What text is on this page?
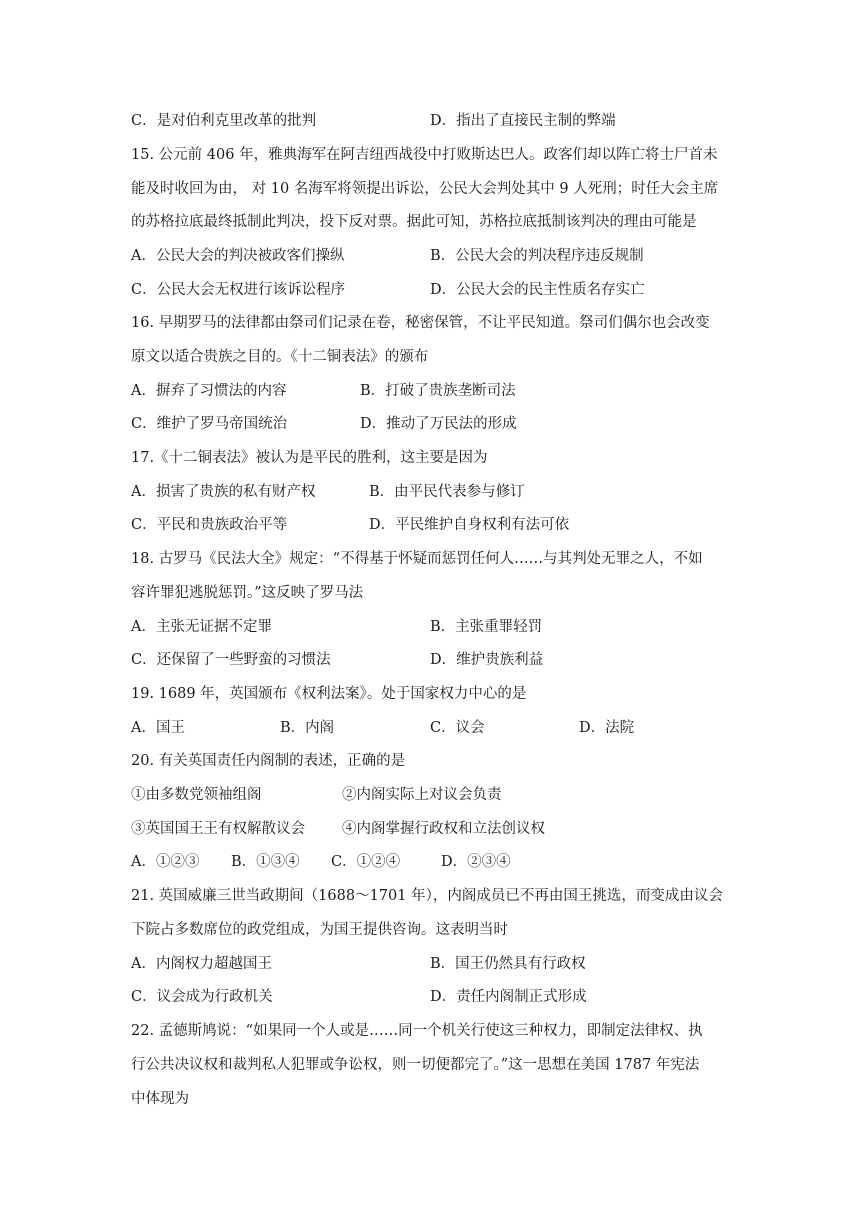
C．是对伯利克里改革的批判	D．指出了直接民主制的弊端
15. 公元前 406 年，雅典海军在阿吉纽西战役中打败斯达巴人。政客们却以阵亡将士尸首未
能及时收回为由， 对 10 名海军将领提出诉讼，公民大会判处其中 9 人死刑；时任大会主席
的苏格拉底最终抵制此判决，投下反对票。据此可知，苏格拉底抵制该判决的理由可能是
A．公民大会的判决被政客们操纵	B．公民大会的判决程序违反规制
C．公民大会无权进行该诉讼程序	D．公民大会的民主性质名存实亡
16. 早期罗马的法律都由祭司们记录在卷，秘密保管，不让平民知道。祭司们偶尔也会改变
原文以适合贵族之目的。《十二铜表法》的颁布
A．摒弃了习惯法的内容	B．打破了贵族垄断司法
C．维护了罗马帝国统治	D．推动了万民法的形成
17.《十二铜表法》被认为是平民的胜利，这主要是因为
A．损害了贵族的私有财产权	B．由平民代表参与修订
C．平民和贵族政治平等	D．平民维护自身权利有法可依
18. 古罗马《民法大全》规定：“不得基于怀疑而惩罚任何人……与其判处无罪之人，不如
容许罪犯逃脱惩罚。”这反映了罗马法
A．主张无证据不定罪	B．主张重罪轻罚
C．还保留了一些野蛮的习惯法	D．维护贵族利益
19. 1689 年，英国颁布《权利法案》。处于国家权力中心的是
A．国王	B．内阁	C．议会	D．法院
20. 有关英国责任内阁制的表述，正确的是
①由多数党领袖组阁	②内阁实际上对议会负责
③英国国王王有权解散议会	④内阁掌握行政权和立法创议权
A．①②③ B．①③④ C．①②④	D．②③④
21. 英国威廉三世当政期间（1688～1701 年），内阁成员已不再由国王挑选，而变成由议会
下院占多数席位的政党组成，为国王提供咨询。这表明当时
A．内阁权力超越国王	B．国王仍然具有行政权
C．议会成为行政机关	D．责任内阁制正式形成
22. 孟德斯鸠说：“如果同一个人或是……同一个机关行使这三种权力，即制定法律权、执
行公共决议权和裁判私人犯罪或争讼权，则一切便都完了。”这一思想在美国 1787 年宪法
中体现为
